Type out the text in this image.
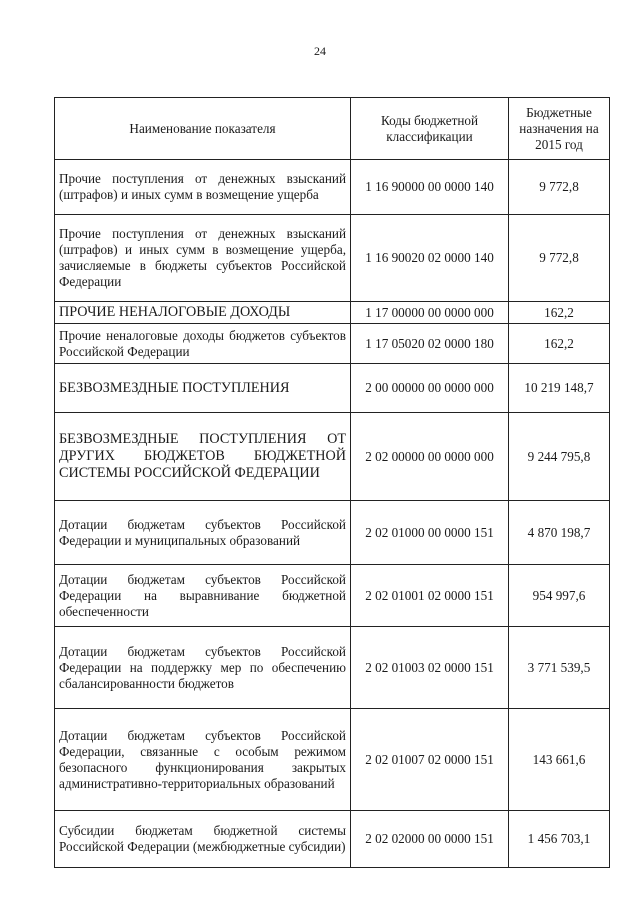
24
Наименование показателя	Коды бюджетной классификации	Бюджетные назначения на 2015 год
Прочие поступления от денежных взысканий (штрафов) и иных сумм в возмещение ущерба	1 16 90000 00 0000 140	9 772,8
Прочие поступления от денежных взысканий (штрафов) и иных сумм в возмещение ущерба, зачисляемые в бюджеты субъектов Российской Федерации	1 16 90020 02 0000 140	9 772,8
ПРОЧИЕ НЕНАЛОГОВЫЕ ДОХОДЫ	1 17 00000 00 0000 000	162,2
Прочие неналоговые доходы бюджетов субъектов Российской Федерации	1 17 05020 02 0000 180	162,2
БЕЗВОЗМЕЗДНЫЕ ПОСТУПЛЕНИЯ	2 00 00000 00 0000 000	10 219 148,7
БЕЗВОЗМЕЗДНЫЕ ПОСТУПЛЕНИЯ ОТ ДРУГИХ БЮДЖЕТОВ БЮДЖЕТНОЙ СИСТЕМЫ РОССИЙСКОЙ ФЕДЕРАЦИИ	2 02 00000 00 0000 000	9 244 795,8
Дотации бюджетам субъектов Российской Федерации и муниципальных образований	2 02 01000 00 0000 151	4 870 198,7
Дотации бюджетам субъектов Российской Федерации на выравнивание бюджетной обеспеченности	2 02 01001 02 0000 151	954 997,6
Дотации бюджетам субъектов Российской Федерации на поддержку мер по обеспечению сбалансированности бюджетов	2 02 01003 02 0000 151	3 771 539,5
Дотации бюджетам субъектов Российской Федерации, связанные с особым режимом безопасного функционирования закрытых административно-территориальных образований	2 02 01007 02 0000 151	143 661,6
Субсидии бюджетам бюджетной системы Российской Федерации (межбюджетные субсидии)	2 02 02000 00 0000 151	1 456 703,1
